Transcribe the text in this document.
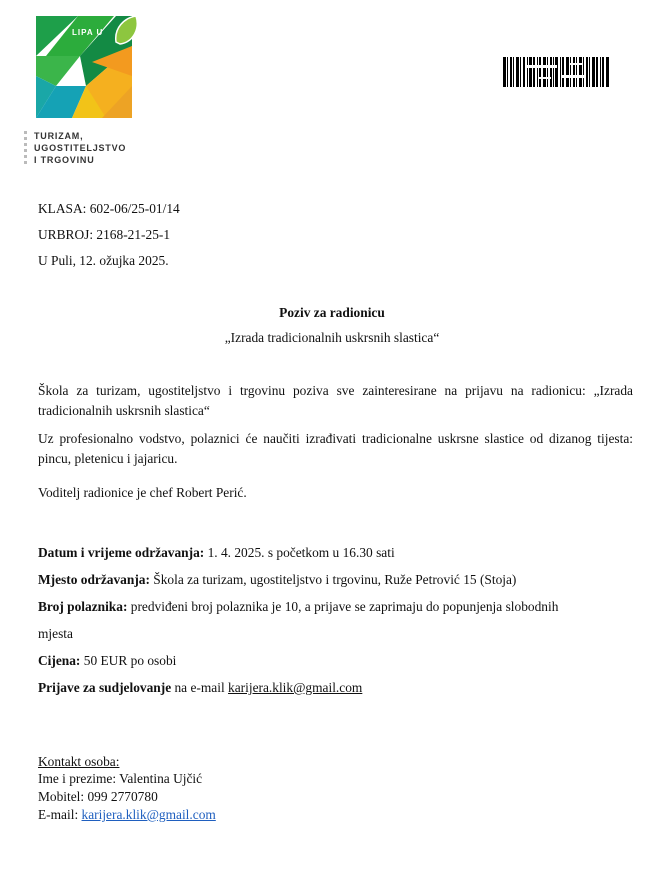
LIPA U
TURIZAM,
UGOSTITELJSTVO
I TRGOVINU
KLASA: 602-06/25-01/14
URBROJ: 2168-21-25-1
U Puli, 12. ožujka 2025.
Poziv za radionicu
„Izrada tradicionalnih uskrsnih slastica“
Škola za turizam, ugostiteljstvo i trgovinu poziva sve zainteresirane na prijavu na radionicu: „Izrada
tradicionalnih uskrsnih slastica“
Uz profesionalno vodstvo, polaznici će naučiti izrađivati tradicionalne uskrsne slastice od dizanog tijesta:
pincu, pletenicu i jajaricu.
Voditelj radionice je chef Robert Perić.
Datum i vrijeme održavanja: 1. 4. 2025. s početkom u 16.30 sati
Mjesto održavanja: Škola za turizam, ugostiteljstvo i trgovinu, Ruže Petrović 15 (Stoja)
Broj polaznika: predviđeni broj polaznika je 10, a prijave se zaprimaju do popunjenja slobodnih
mjesta
Cijena: 50 EUR po osobi
Prijave za sudjelovanje na e-mail karijera.klik@gmail.com
Kontakt osoba:
Ime i prezime: Valentina Ujčić
Mobitel: 099 2770780
E-mail: karijera.klik@gmail.com
